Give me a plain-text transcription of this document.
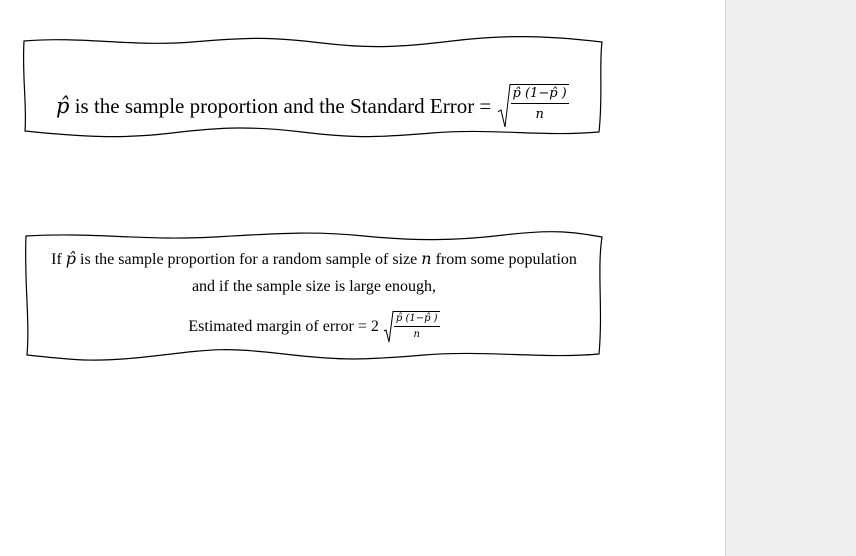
p̂ is the sample proportion and the Standard Error = $\frac{p̂ (1-p̂ )}{n}$
If p̂ is the sample proportion for a random sample of size n from some population
and if the sample size is large enough,
Estimated margin of error = $2 \frac{p̂ (1-p̂ )}{n}$
